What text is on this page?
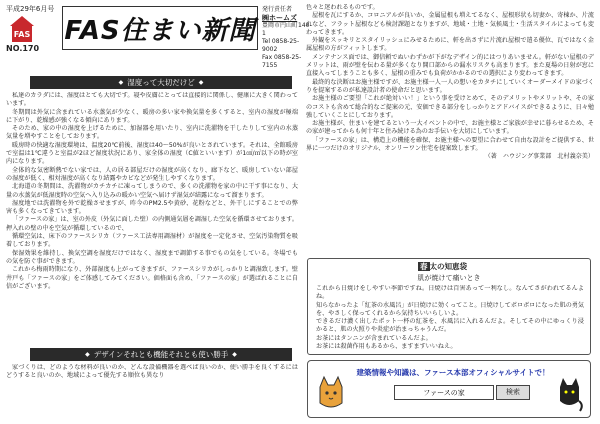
平成29年6月号
FAS
NO.170
FAS住まい新聞
発行責任者
㈱ホームズ
豊岡市円山町140-1
Tel 0858-25-9002
Fax 0858-25-7155
◆ 湿度って大切だけど ◆

私達のカラダには、湿度はとても大切です。寝や皮膚にとっては直接的に関係し、健康に大きく関わっています。

冬期間は外気に含まれている水蒸気が少なく、暖房の多い家や換気量を多くすると、室内の湿度が極端に下がり、乾燥感が強くなる傾向にあります。

そのため、家の中の湿度を上げるために、加湿器を用いたり、室内に洗濯物を干したりして室内の水蒸気量を増やすことをしております。

暖房時の快適な湿度環境は、温度20℃前後、湿度は40〜50%が良いとされています。それは、全館暖房で室温は1℃違うと室温が2ほど湿度状況にあり、家全体の湿度（C値といいます）が1㎠/㎡以下の時が室内になります。

全体的な気密断熱でない家では、人の居る部屋だけの湿度が高くなり、廊下など、暖房していない部屋の湿度が低く、相対湿度が高くなり結露やカビなどが発生しやすくなります。

北海道の冬期間は、洗濯物がカチカチに凍ってしまうので、多くの洗濯物を家の中に干す事になり、大量の水蒸気が低湿度時の空気へ入り込みの暖かい空気へ届けず湿気が結露になって溜まります。

湿度地では洗濯物を外で乾燥させますが、昨今のPM2.5や黄砂、花粉などと、外干しにすることでの弊害も多くなってきています。

「ファースの家」は、室の外皮（外気に面した壁）の内側通気層を調湿した空気を循環させております。押入れの壁の中を空気が循環しているので、

循環空気は、床下のファースシリカ（ファース工法専用調湿材）が湿度を一定化させ、空気汚染物質を吸着しております。

保湿効果を維持し、換気空調を湿度だけではなく、湿度まで調節する事でもの気をしている。冬場でもの気を防ぐ事ができます。

これから梅雨時期になり、外部湿度も上がってきますが、ファースシリカがしっかりと調湿致します。壁井戸も「ファースの家」をご体感してみてください。価格面も含め、「ファースの家」が選ばれることに自信がございます。

◆ デザインそれとも機能それとも使い勝手 ◆

家づくりは、どのような材料が良いのか、どんな設備機器を選べば良いのか、使い勝手を良くするにはどうすると良いのか、地域によって優先する順位も異なり

色々と迷われるものです。

屋根を瓦にするか、コロニアルが良いか、金属屋根も増えてるなく、屋根形状も切妻か、寄棟か、片流れなど、フラット屋根なども検討課題となりますが、地域・土地・気候風土・生活スタイルによっても変わってきます。

外観をスッキリとスタイリッシュにみせるために、軒を出さずに片流れ屋根で遣る優位、瓦ではなく金属屋根の方がフィットします。

メンテナンス面では、御信頼でぬいわずかが下がなデザイン的にはつりあいません。軒がない屋根のデメリットは、雨が壁を伝わる量が多くなり開口部からの漏水リスクも高まります。また夏場の日射が窓に直接入ってしまうことも多く、屋根の重みでも負荷がかかるのでの選択により変わってきます。

最終的な決断はお施主様ですが、お施主様一人一人の想いをカタチにしていくオーダーメイドの家づくりを提案するのが私達設計者の使命だと思います。

お施主様のご要望「これが絶対いい！」という事を受けとめて、そのデメリットやメリットや、その家のコストも含めて総合的なご提案の元、安価できる部分をしっかりとアドバイスができるように、日々勉強していくことにしております。

お施主様が、住まいを建てるという一大イベントの中で、お施主様とご家族が幸せに暮らせるため、その家が建ってからも何十年と住み続ける為のお手伝いを大切にしています。

「ファースの家」は、構造上の機能を確保、お施主様への要望に合わせて自由な設計をご提供する、世界に一つだけのオリジナル、オンリーワン住宅を提案致します。

（著　ハウジング事業部　北村義奈美）

春 太の知恵袋
肌が焼けて痛いとき

これから日焼けをしやすい季節ですね。日焼けは百害あって一利なし。なんてさがわれてるんよね。

知らなかったよ「紅茶の水風呂」が日焼けに効くってこと。日焼けしてボロボロになった肌の勇気を、やさしく保ってくれるから気持ちいいらしいよ。

できるだけ濃く出したポット一杯の紅茶を、水風呂に入れるんだよ。そしてその中にゆっくり浸かると、肌の火照りや炎症が治まっちゃうんだ。

お茶にはタンニンが含まれているんだよ。

お茶には殺菌作用もあるから、ますますいいねえ。

建築情報や知識は、ファース本部オフィシャルサイトで！
ファースの家
検索
